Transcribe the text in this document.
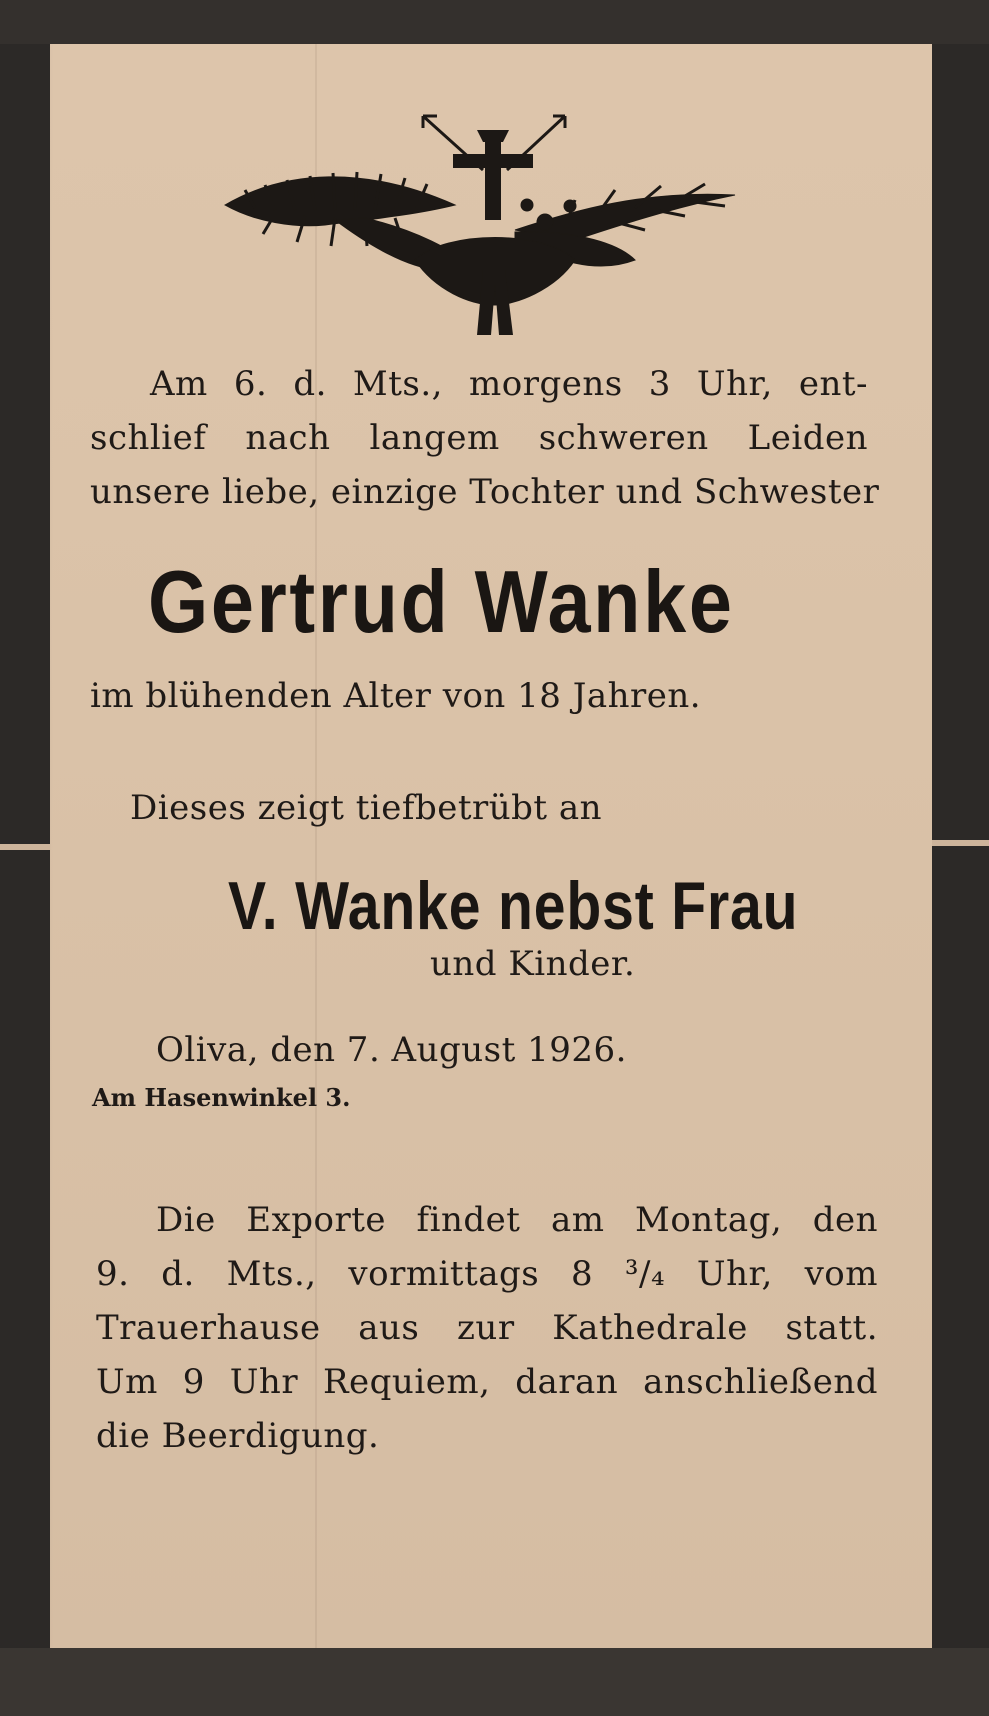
Am 6. d. Mts., morgens 3 Uhr, ent-
schlief nach langem schweren Leiden
unsere liebe, einzige Tochter und Schwester
Gertrud Wanke
im blühenden Alter von 18 Jahren.
Dieses zeigt tiefbetrübt an
V. Wanke nebst Frau
und Kinder.
Oliva, den 7. August 1926.
Am Hasenwinkel 3.
Die Exporte findet am Montag, den
9. d. Mts., vormittags 8 ³/₄ Uhr, vom
Trauerhause aus zur Kathedrale statt.
Um 9 Uhr Requiem, daran anschließend
die Beerdigung.
